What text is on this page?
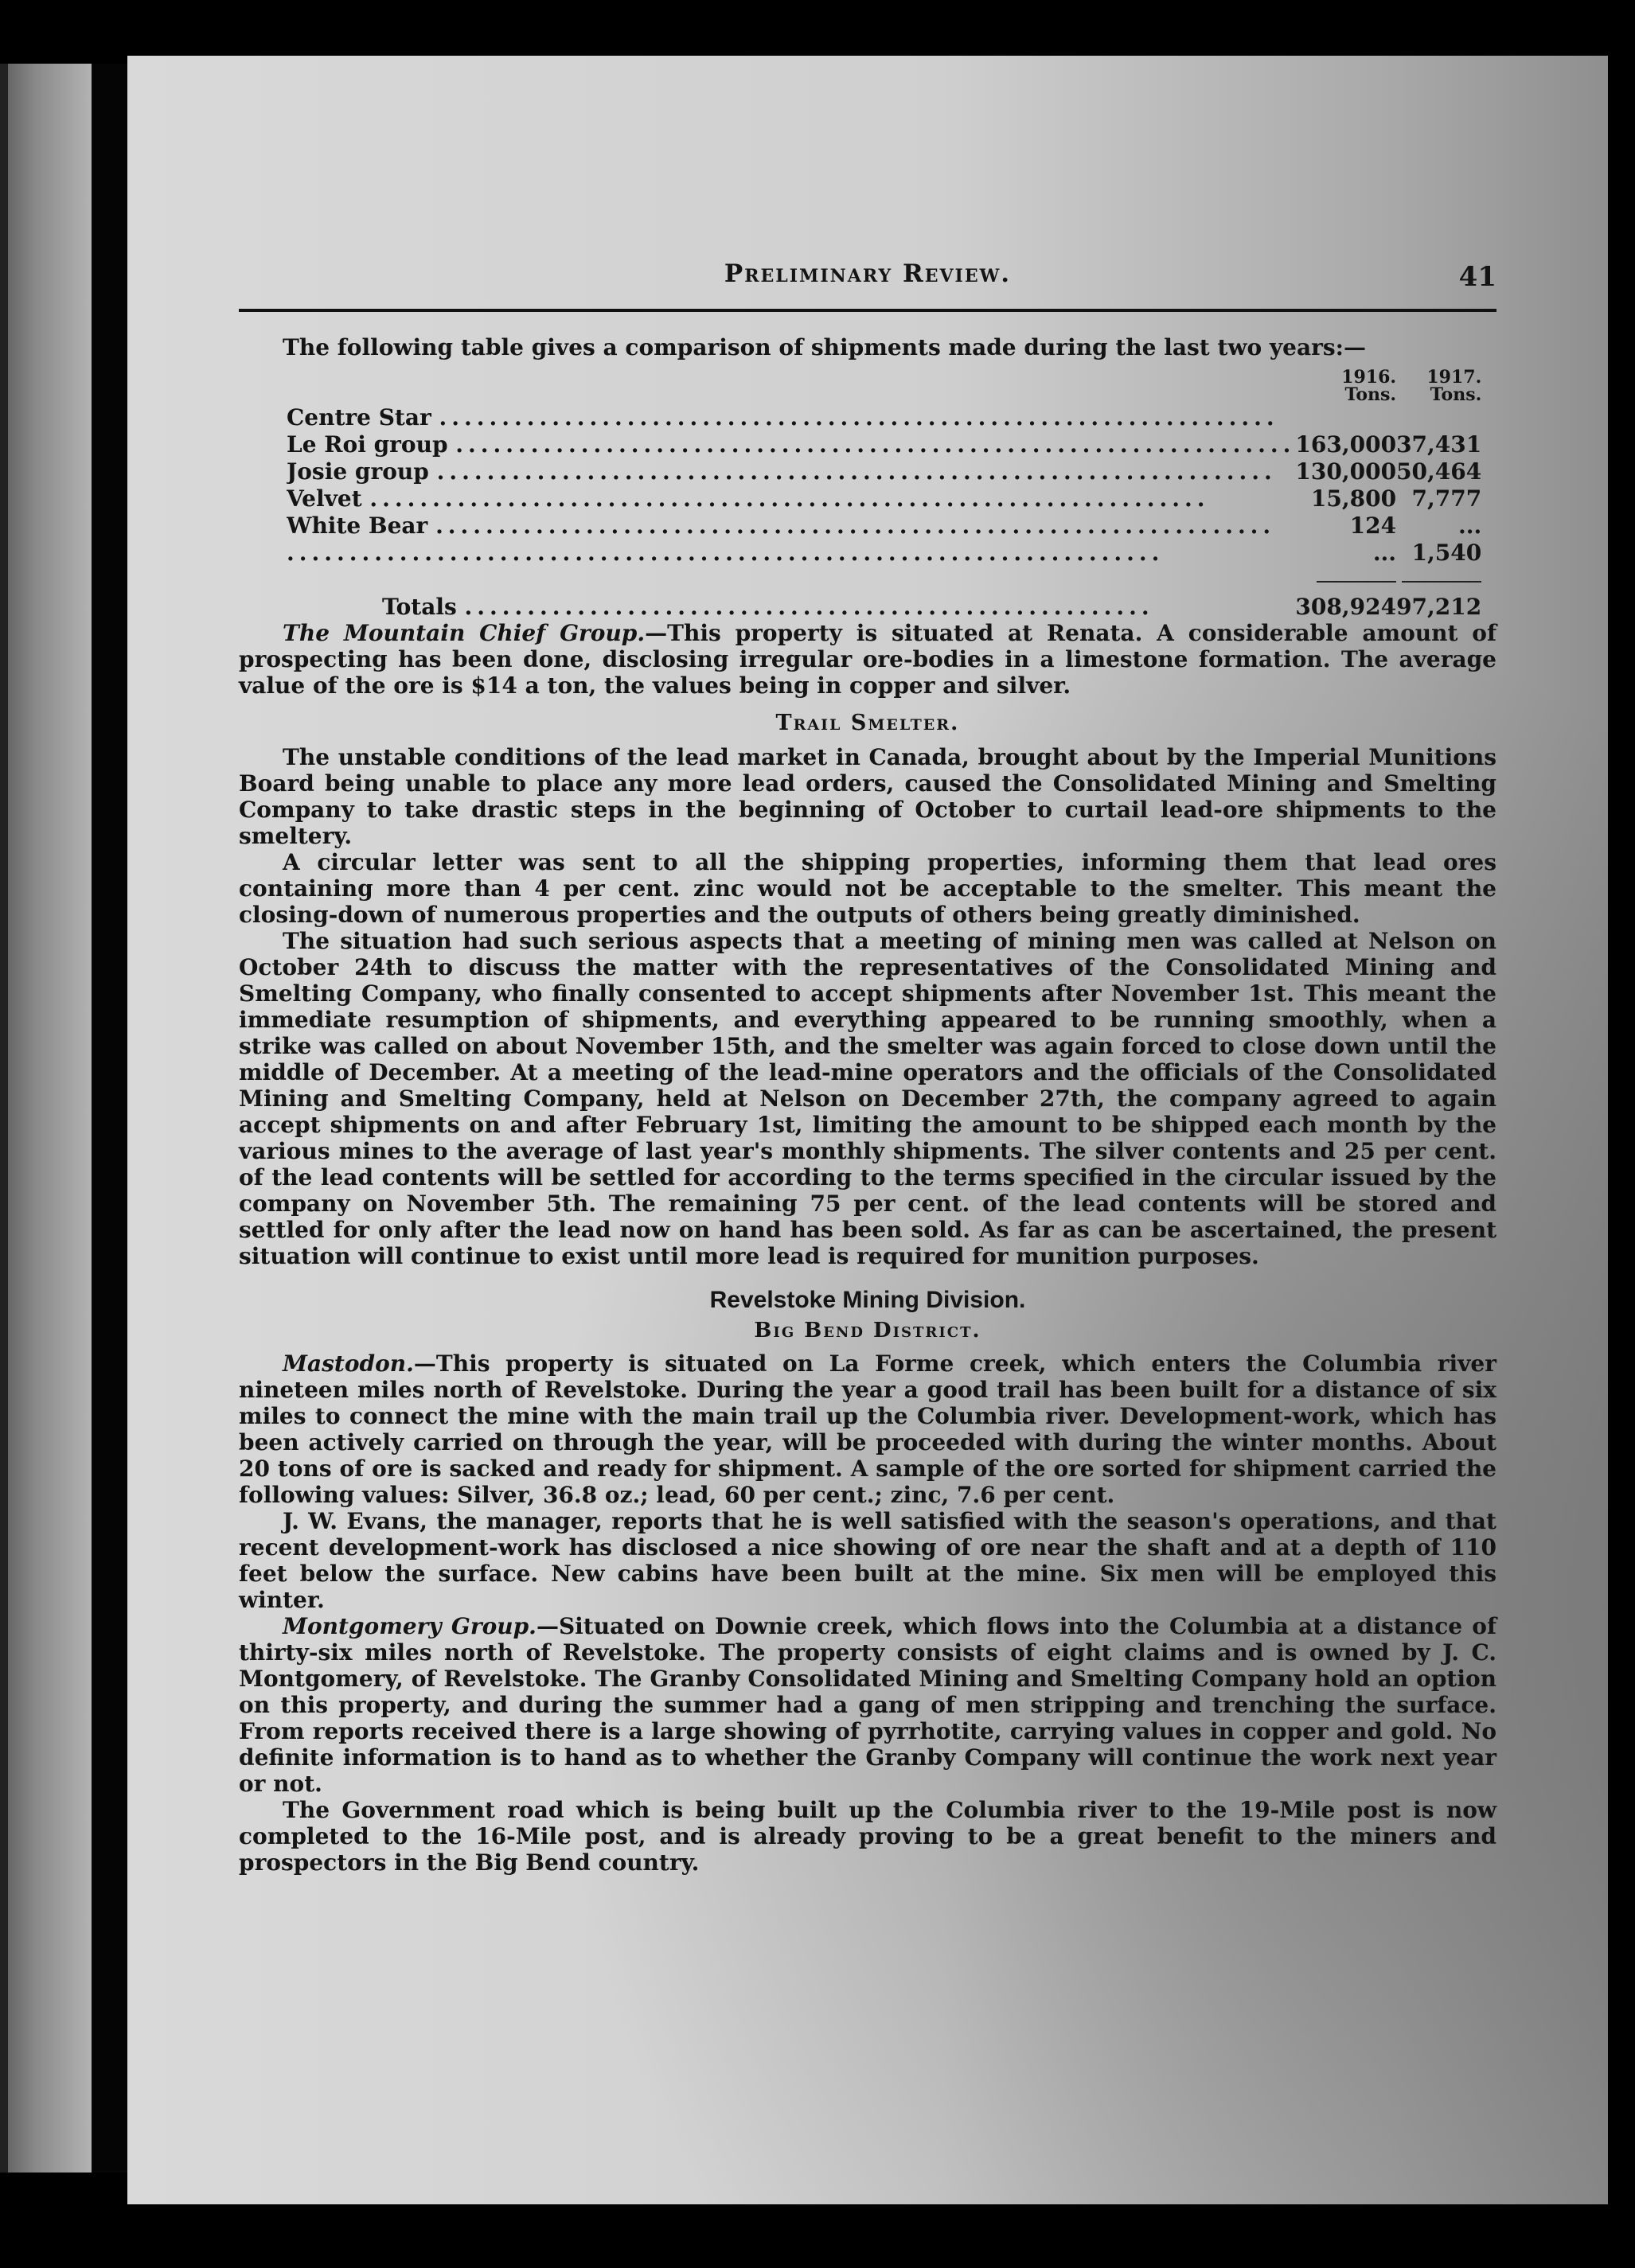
Preliminary Review.	41

The following table gives a comparison of shipments made during the last two years:—

	1916.
Tons.	1917.
Tons.
Centre Star ...................................................................		
Le Roi group ...................................................................	163,000	37,431
Josie group ...................................................................	130,000	50,464
Velvet ...................................................................	15,800	7,777
White Bear ...................................................................	124	...
......................................................................	...	1,540

Totals .......................................................	308,924	97,212

The Mountain Chief Group.—This property is situated at Renata. A considerable amount of prospecting has been done, disclosing irregular ore-bodies in a limestone formation. The average value of the ore is $14 a ton, the values being in copper and silver.

Trail Smelter.

The unstable conditions of the lead market in Canada, brought about by the Imperial Munitions Board being unable to place any more lead orders, caused the Consolidated Mining and Smelting Company to take drastic steps in the beginning of October to curtail lead-ore shipments to the smeltery.

A circular letter was sent to all the shipping properties, informing them that lead ores containing more than 4 per cent. zinc would not be acceptable to the smelter. This meant the closing-down of numerous properties and the outputs of others being greatly diminished.

The situation had such serious aspects that a meeting of mining men was called at Nelson on October 24th to discuss the matter with the representatives of the Consolidated Mining and Smelting Company, who finally consented to accept shipments after November 1st. This meant the immediate resumption of shipments, and everything appeared to be running smoothly, when a strike was called on about November 15th, and the smelter was again forced to close down until the middle of December. At a meeting of the lead-mine operators and the officials of the Consolidated Mining and Smelting Company, held at Nelson on December 27th, the company agreed to again accept shipments on and after February 1st, limiting the amount to be shipped each month by the various mines to the average of last year's monthly shipments. The silver contents and 25 per cent. of the lead contents will be settled for according to the terms specified in the circular issued by the company on November 5th. The remaining 75 per cent. of the lead contents will be stored and settled for only after the lead now on hand has been sold. As far as can be ascertained, the present situation will continue to exist until more lead is required for munition purposes.

Revelstoke Mining Division.
Big Bend District.

Mastodon.—This property is situated on La Forme creek, which enters the Columbia river nineteen miles north of Revelstoke. During the year a good trail has been built for a distance of six miles to connect the mine with the main trail up the Columbia river. Development-work, which has been actively carried on through the year, will be proceeded with during the winter months. About 20 tons of ore is sacked and ready for shipment. A sample of the ore sorted for shipment carried the following values: Silver, 36.8 oz.; lead, 60 per cent.; zinc, 7.6 per cent.

J. W. Evans, the manager, reports that he is well satisfied with the season's operations, and that recent development-work has disclosed a nice showing of ore near the shaft and at a depth of 110 feet below the surface. New cabins have been built at the mine. Six men will be employed this winter.

Montgomery Group.—Situated on Downie creek, which flows into the Columbia at a distance of thirty-six miles north of Revelstoke. The property consists of eight claims and is owned by J. C. Montgomery, of Revelstoke. The Granby Consolidated Mining and Smelting Company hold an option on this property, and during the summer had a gang of men stripping and trenching the surface. From reports received there is a large showing of pyrrhotite, carrying values in copper and gold. No definite information is to hand as to whether the Granby Company will continue the work next year or not.

The Government road which is being built up the Columbia river to the 19-Mile post is now completed to the 16-Mile post, and is already proving to be a great benefit to the miners and prospectors in the Big Bend country.
